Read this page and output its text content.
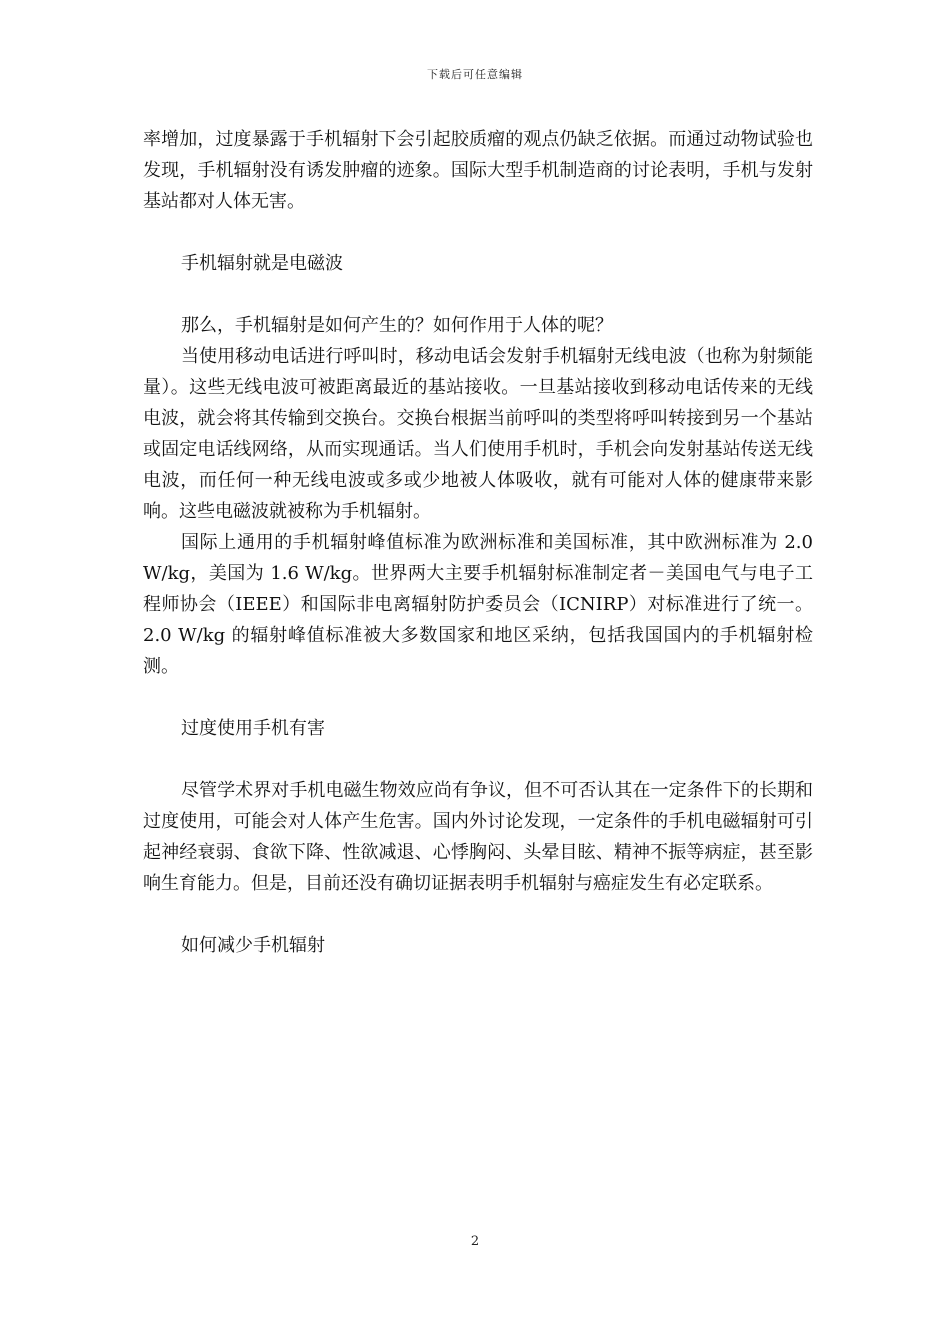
下载后可任意编辑

率增加，过度暴露于手机辐射下会引起胶质瘤的观点仍缺乏依据。而通过动物试验也发现，手机辐射没有诱发肿瘤的迹象。国际大型手机制造商的讨论表明，手机与发射基站都对人体无害。

手机辐射就是电磁波

那么，手机辐射是如何产生的？如何作用于人体的呢？

当使用移动电话进行呼叫时，移动电话会发射手机辐射无线电波（也称为射频能量）。这些无线电波可被距离最近的基站接收。一旦基站接收到移动电话传来的无线电波，就会将其传输到交换台。交换台根据当前呼叫的类型将呼叫转接到另一个基站或固定电话线网络，从而实现通话。当人们使用手机时，手机会向发射基站传送无线电波，而任何一种无线电波或多或少地被人体吸收，就有可能对人体的健康带来影响。这些电磁波就被称为手机辐射。

国际上通用的手机辐射峰值标准为欧洲标准和美国标准，其中欧洲标准为 2.0 W/kg，美国为 1.6 W/kg。世界两大主要手机辐射标准制定者－美国电气与电子工程师协会（IEEE）和国际非电离辐射防护委员会（ICNIRP）对标准进行了统一。2.0 W/kg 的辐射峰值标准被大多数国家和地区采纳，包括我国国内的手机辐射检测。

过度使用手机有害

尽管学术界对手机电磁生物效应尚有争议，但不可否认其在一定条件下的长期和过度使用，可能会对人体产生危害。国内外讨论发现，一定条件的手机电磁辐射可引起神经衰弱、食欲下降、性欲减退、心悸胸闷、头晕目眩、精神不振等病症，甚至影响生育能力。但是，目前还没有确切证据表明手机辐射与癌症发生有必定联系。

如何减少手机辐射

2
